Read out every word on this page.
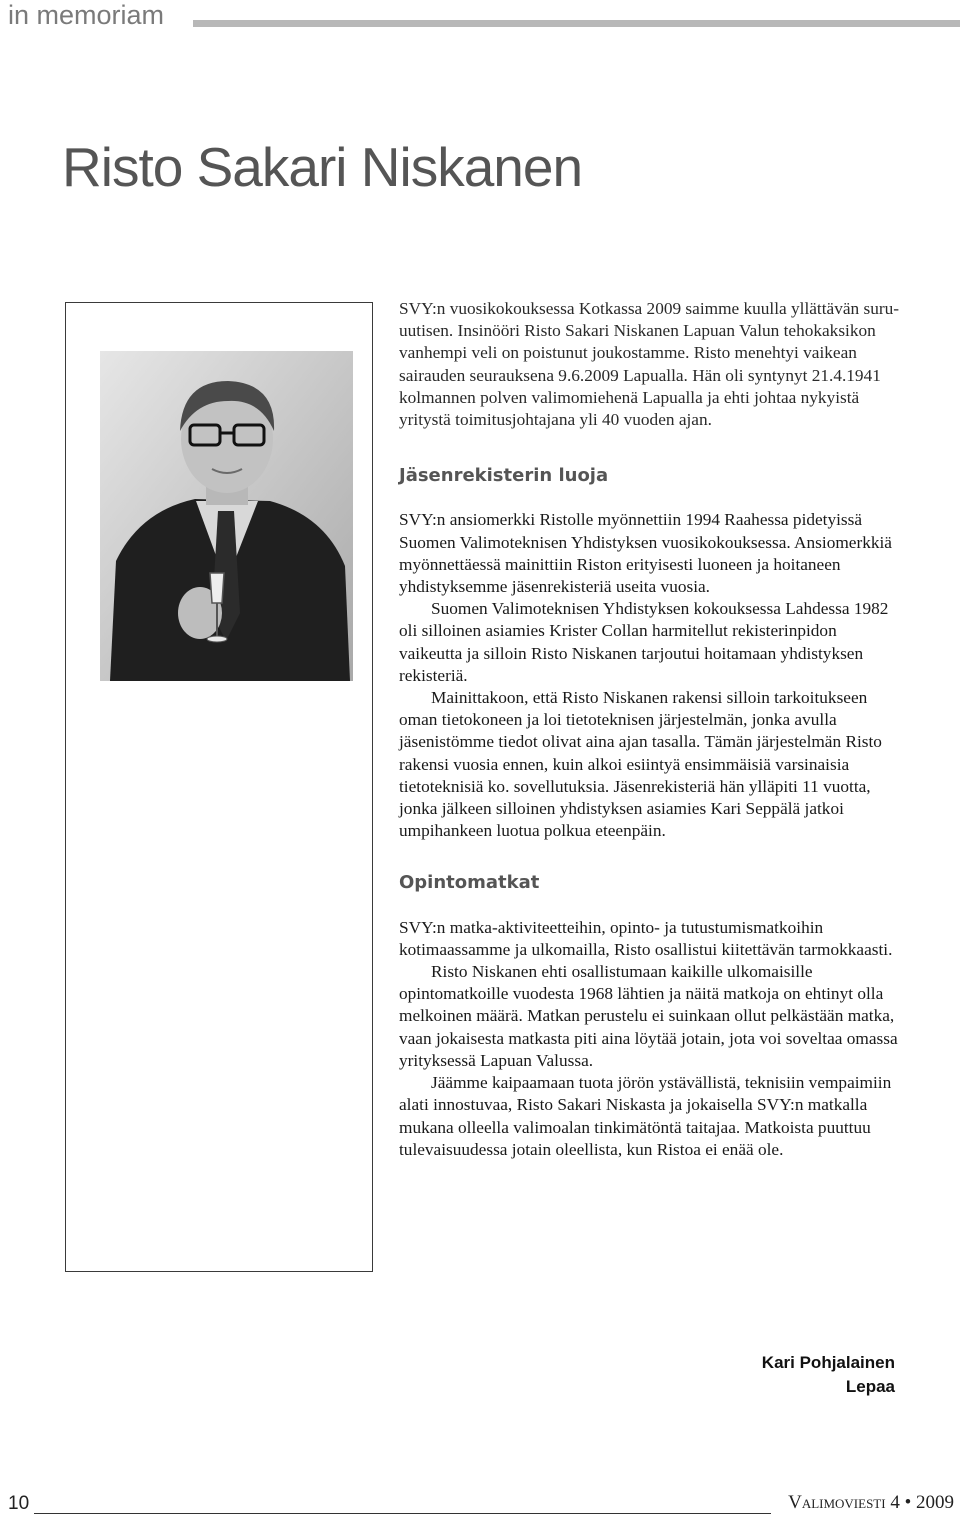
in memoriam
Risto Sakari Niskanen

SVY:n vuosikokouksessa Kotkassa 2009 saimme kuulla yllättävän suru-uutisen. Insinööri Risto Sakari Niskanen Lapuan Valun tehokaksikon vanhempi veli on poistunut joukostamme. Risto menehtyi vaikean sairauden seurauksena 9.6.2009 Lapualla. Hän oli syntynyt 21.4.1941 kolmannen polven valimomiehenä Lapualla ja ehti johtaa nykyistä yritystä toimitusjohtajana yli 40 vuoden ajan.

Jäsenrekisterin luoja

SVY:n ansiomerkki Ristolle myönnettiin 1994 Raahessa pidetyissä Suomen Valimoteknisen Yhdistyksen vuosikokouksessa. Ansiomerkkiä myönnettäessä mainittiin Riston erityisesti luoneen ja hoitaneen yhdistyksemme jäsenrekisteriä useita vuosia.

Suomen Valimoteknisen Yhdistyksen kokouksessa Lahdessa 1982 oli silloinen asiamies Krister Collan harmitellut rekisterinpidon vaikeutta ja silloin Risto Niskanen tarjoutui hoitamaan yhdistyksen rekisteriä.

Mainittakoon, että Risto Niskanen rakensi silloin tarkoitukseen oman tietokoneen ja loi tietoteknisen järjestelmän, jonka avulla jäsenistömme tiedot olivat aina ajan tasalla. Tämän järjestelmän Risto rakensi vuosia ennen, kuin alkoi esiintyä ensimmäisiä varsinaisia tietoteknisiä ko. sovellutuksia. Jäsenrekisteriä hän ylläpiti 11 vuotta, jonka jälkeen silloinen yhdistyksen asiamies Kari Seppälä jatkoi umpihankeen luotua polkua eteenpäin.

Opintomatkat

SVY:n matka-aktiviteetteihin, opinto- ja tutustumismatkoihin kotimaassamme ja ulkomailla, Risto osallistui kiitettävän tarmokkaasti.

Risto Niskanen ehti osallistumaan kaikille ulkomaisille opintomatkoille vuodesta 1968 lähtien ja näitä matkoja on ehtinyt olla melkoinen määrä. Matkan perustelu ei suinkaan ollut pelkästään matka, vaan jokaisesta matkasta piti aina löytää jotain, jota voi soveltaa omassa yrityksessä Lapuan Valussa.

Jäämme kaipaamaan tuota jörön ystävällistä, teknisiin vempaimiin alati innostuvaa, Risto Sakari Niskasta ja jokaisella SVY:n matkalla mukana olleella valimoalan tinkimätöntä taitajaa. Matkoista puuttuu tulevaisuudessa jotain oleellista, kun Ristoa ei enää ole.

Kari Pohjalainen
Lepaa
10	Valimoviesti 4 • 2009
